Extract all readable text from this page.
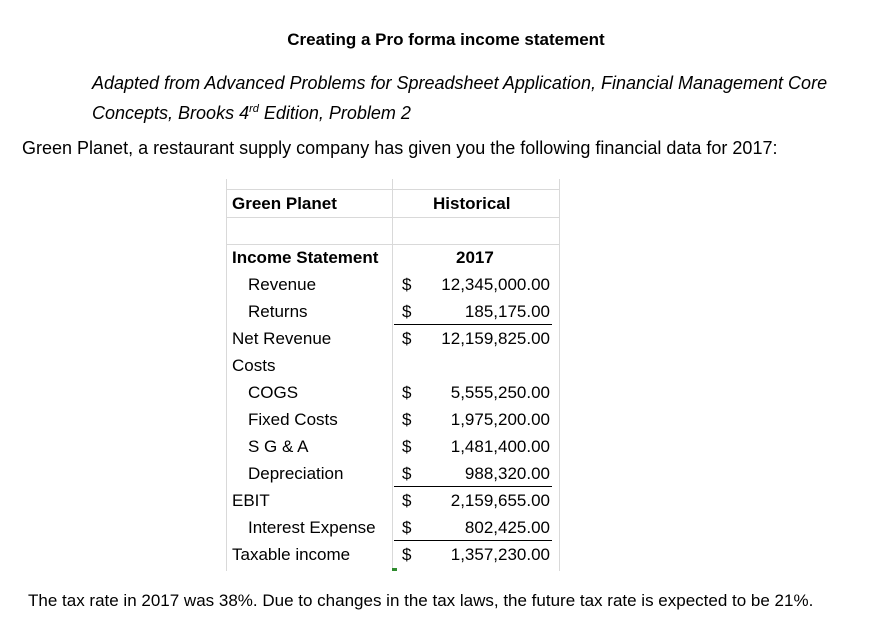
Creating a Pro forma income statement
Adapted from Advanced Problems for Spreadsheet Application, Financial Management Core Concepts, Brooks 4rd Edition, Problem 2
Green Planet, a restaurant supply company has given you the following financial data for 2017:
Green Planet	Historical
Income Statement	2017
Revenue	$	12,345,000.00
Returns	$	185,175.00
Net Revenue	$	12,159,825.00
Costs
COGS	$	5,555,250.00
Fixed Costs	$	1,975,200.00
S G & A	$	1,481,400.00
Depreciation	$	988,320.00
EBIT	$	2,159,655.00
Interest Expense $	802,425.00
Taxable income	$	1,357,230.00
The tax rate in 2017 was 38%. Due to changes in the tax laws, the future tax rate is expected to be 21%.
